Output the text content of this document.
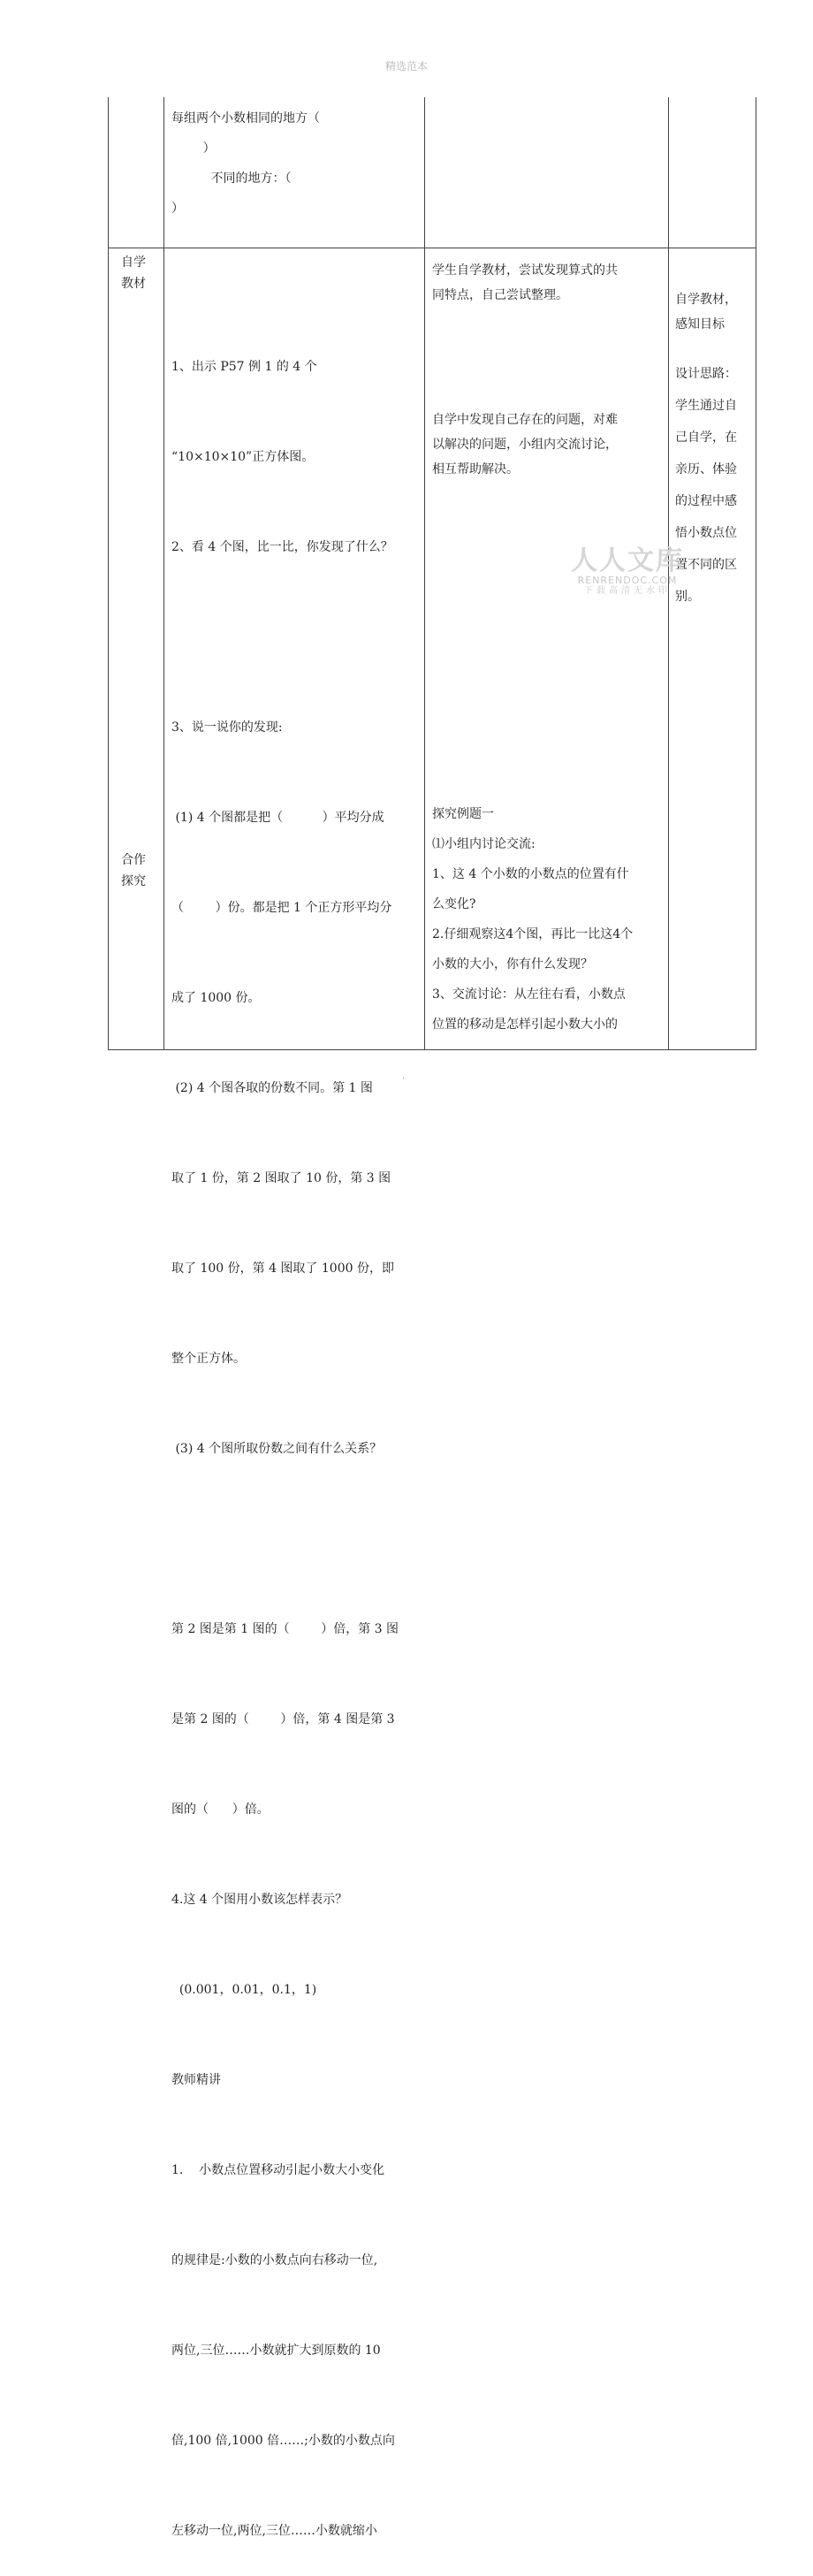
精选范本

每组两个小数相同的地方（

）

不同的地方：（

）

自学

教材

合作

探究

1、出示 P57 例 1 的 4 个

“10×10×10”正方体图。

2、看 4 个图，比一比，你发现了什么？

3、说一说你的发现:

(1) 4 个图都是把（          ）平均分成

（        ）份。都是把 1 个正方形平均分

成了 1000 份。

(2) 4 个图各取的份数不同。第 1 图

取了 1 份，第 2 图取了 10 份，第 3 图

取了 100 份，第 4 图取了 1000 份，即

整个正方体。

(3) 4 个图所取份数之间有什么关系？

第 2 图是第 1 图的（        ）倍，第 3 图

是第 2 图的（        ）倍，第 4 图是第 3

图的（      ）倍。

4.这 4 个图用小数该怎样表示？

(0.001，0.01，0.1，1)

教师精讲

1.    小数点位置移动引起小数大小变化

的规律是:小数的小数点向右移动一位,

两位,三位……小数就扩大到原数的 10

倍,100 倍,1000 倍……;小数的小数点向

左移动一位,两位,三位……小数就缩小

学生自学教材，尝试发现算式的共

同特点，自己尝试整理。

自学中发现自己存在的问题，对难

以解决的问题，小组内交流讨论，

相互帮助解决。

探究例题一

⑴小组内讨论交流:

1、这 4 个小数的小数点的位置有什

么变化?

2.仔细观察这4个图，再比一比这4个

小数的大小，你有什么发现？

3、交流讨论：从左往右看，小数点

位置的移动是怎样引起小数大小的

自学教材，

感知目标

设计思路：

学生通过自

己自学，在

亲历、体验

的过程中感

悟小数点位

置不同的区

别。

人人文库
RENRENDOC.COM
下载高清无水印
.
